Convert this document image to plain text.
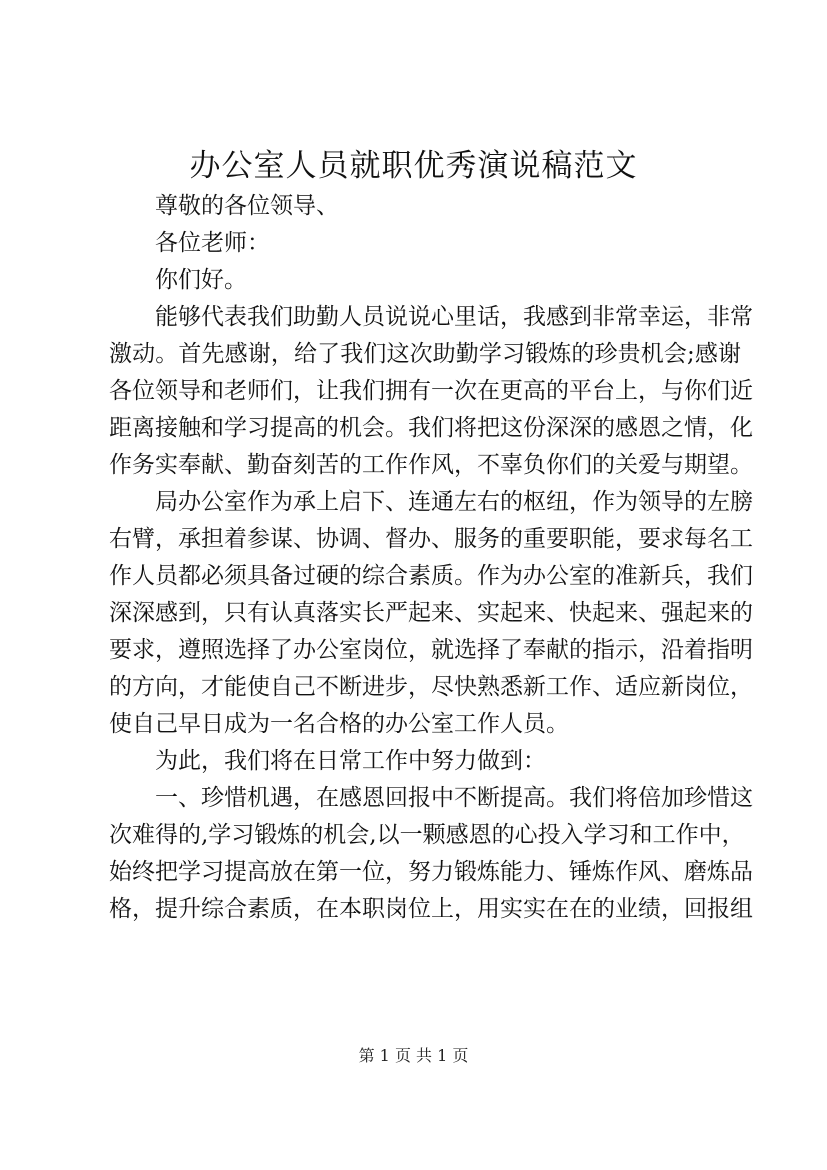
办公室人员就职优秀演说稿范文
尊敬的各位领导、
各位老师：
你们好。
能够代表我们助勤人员说说心里话，我感到非常幸运，非常
激动。首先感谢，给了我们这次助勤学习锻炼的珍贵机会;感谢
各位领导和老师们，让我们拥有一次在更高的平台上，与你们近
距离接触和学习提高的机会。我们将把这份深深的感恩之情，化
作务实奉献、勤奋刻苦的工作作风，不辜负你们的关爱与期望。
局办公室作为承上启下、连通左右的枢纽，作为领导的左膀
右臂，承担着参谋、协调、督办、服务的重要职能，要求每名工
作人员都必须具备过硬的综合素质。作为办公室的准新兵，我们
深深感到，只有认真落实长严起来、实起来、快起来、强起来的
要求，遵照选择了办公室岗位，就选择了奉献的指示，沿着指明
的方向，才能使自己不断进步，尽快熟悉新工作、适应新岗位，
使自己早日成为一名合格的办公室工作人员。
为此，我们将在日常工作中努力做到：
一、珍惜机遇，在感恩回报中不断提高。我们将倍加珍惜这
次难得的,学习锻炼的机会,以一颗感恩的心投入学习和工作中，
始终把学习提高放在第一位，努力锻炼能力、锤炼作风、磨炼品
格，提升综合素质，在本职岗位上，用实实在在的业绩，回报组
第 1 页 共 1 页
